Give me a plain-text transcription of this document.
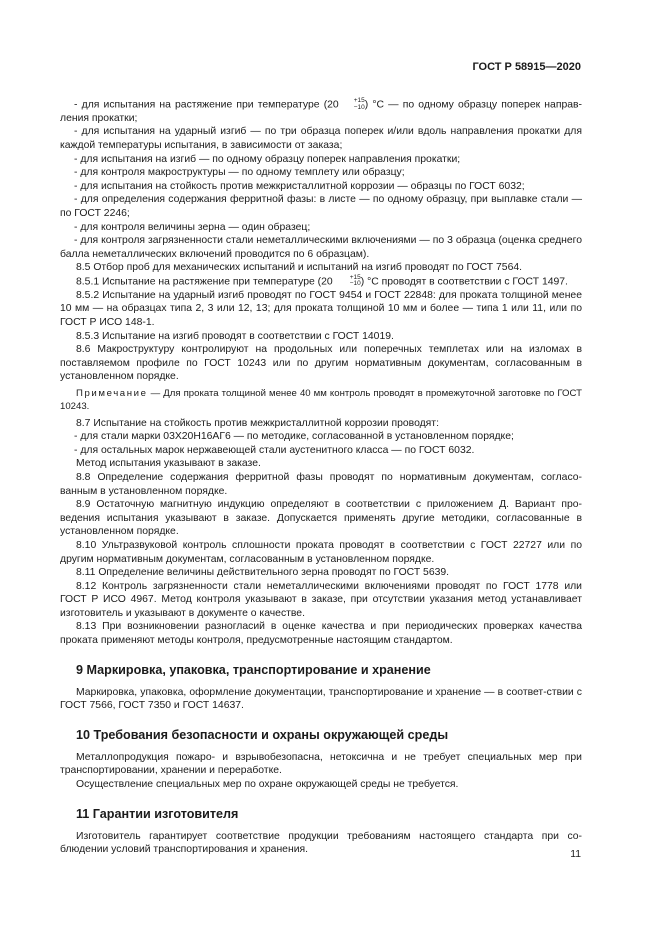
ГОСТ Р 58915—2020

- для испытания на растяжение при температуре (20	+15
−10 ) °С — по одному образцу поперек направ-ления прокатки;

- для испытания на ударный изгиб — по три образца поперек и/или вдоль направления прокатки для каждой температуры испытания, в зависимости от заказа;

- для испытания на изгиб — по одному образцу поперек направления прокатки;

- для контроля макроструктуры — по одному темплету или образцу;

- для испытания на стойкость против межкристаллитной коррозии — образцы по ГОСТ 6032;

- для определения содержания ферритной фазы: в листе — по одному образцу, при выплавке стали — по ГОСТ 2246;

- для контроля величины зерна — один образец;

- для контроля загрязненности стали неметаллическими включениями — по 3 образца (оценка среднего балла неметаллических включений проводится по 6 образцам).

8.5 Отбор проб для механических испытаний и испытаний на изгиб проводят по ГОСТ 7564.

8.5.1 Испытание на растяжение при температуре (20	+15
−10 ) °С проводят в соответствии с ГОСТ 1497.

8.5.2 Испытание на ударный изгиб проводят по ГОСТ 9454 и ГОСТ 22848: для проката толщиной менее 10 мм — на образцах типа 2, 3 или 12, 13; для проката толщиной 10 мм и более — типа 1 или 11, или по ГОСТ Р ИСО 148-1.

8.5.3 Испытание на изгиб проводят в соответствии с ГОСТ 14019.

8.6 Макроструктуру контролируют на продольных или поперечных темплетах или на изломах в поставляемом профиле по ГОСТ 10243 или по другим нормативным документам, согласованным в установленном порядке.

Примечание — Для проката толщиной менее 40 мм контроль проводят в промежуточной заготовке по ГОСТ 10243.

8.7 Испытание на стойкость против межкристаллитной коррозии проводят:

- для стали марки 03Х20Н16АГ6 — по методике, согласованной в установленном порядке;

- для остальных марок нержавеющей стали аустенитного класса — по ГОСТ 6032.

Метод испытания указывают в заказе.

8.8 Определение содержания ферритной фазы проводят по нормативным документам, согласо-ванным в установленном порядке.

8.9 Остаточную магнитную индукцию определяют в соответствии с приложением Д. Вариант про-ведения испытания указывают в заказе. Допускается применять другие методики, согласованные в установленном порядке.

8.10 Ультразвуковой контроль сплошности проката проводят в соответствии с ГОСТ 22727 или по другим нормативным документам, согласованным в установленном порядке.

8.11 Определение величины действительного зерна проводят по ГОСТ 5639.

8.12 Контроль загрязненности стали неметаллическими включениями проводят по ГОСТ 1778 или ГОСТ Р ИСО 4967. Метод контроля указывают в заказе, при отсутствии указания метод устанавливает изготовитель и указывают в документе о качестве.

8.13 При возникновении разногласий в оценке качества и при периодических проверках качества проката применяют методы контроля, предусмотренные настоящим стандартом.

9 Маркировка, упаковка, транспортирование и хранение

Маркировка, упаковка, оформление документации, транспортирование и хранение — в соответ-ствии с ГОСТ 7566, ГОСТ 7350 и ГОСТ 14637.

10 Требования безопасности и охраны окружающей среды

Металлопродукция пожаро- и взрывобезопасна, нетоксична и не требует специальных мер при транспортировании, хранении и переработке.

Осуществление специальных мер по охране окружающей среды не требуется.

11 Гарантии изготовителя

Изготовитель гарантирует соответствие продукции требованиям настоящего стандарта при со-блюдении условий транспортирования и хранения.	11
